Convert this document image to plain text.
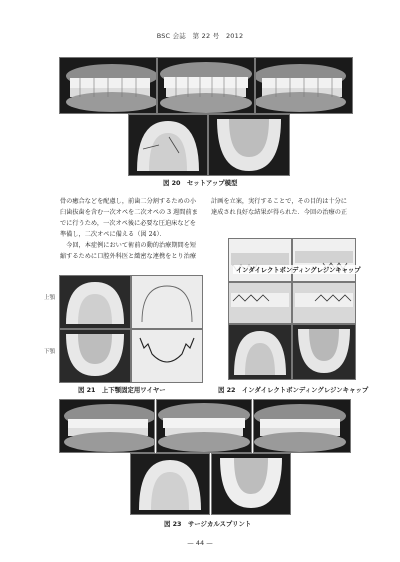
BSC 会誌　第 22 号　2012
図 20　セットアップ模型
骨の癒合などを配慮し，前歯二分割するための小
臼歯抜歯を含む一次オペを二次オペの 3 週間前ま
でに行うため，一次オペ後に必要な圧迫床などを
準備し，二次オペに備える（図 24）．
　今回，本症例において術前の動的治療期間を短
縮するために口腔外科医と緻密な連携をとり治療
計画を立案，実行することで，その目的は十分に
達成され良好な結果が得られた．今回の治療の正
上顎
下顎
図 21　上下顎固定用ワイヤー
インダイレクトボンディングレジンキャップ
図 22　インダイレクトボンディングレジンキャップ
図 23　サージカルスプリント
— 44 —
